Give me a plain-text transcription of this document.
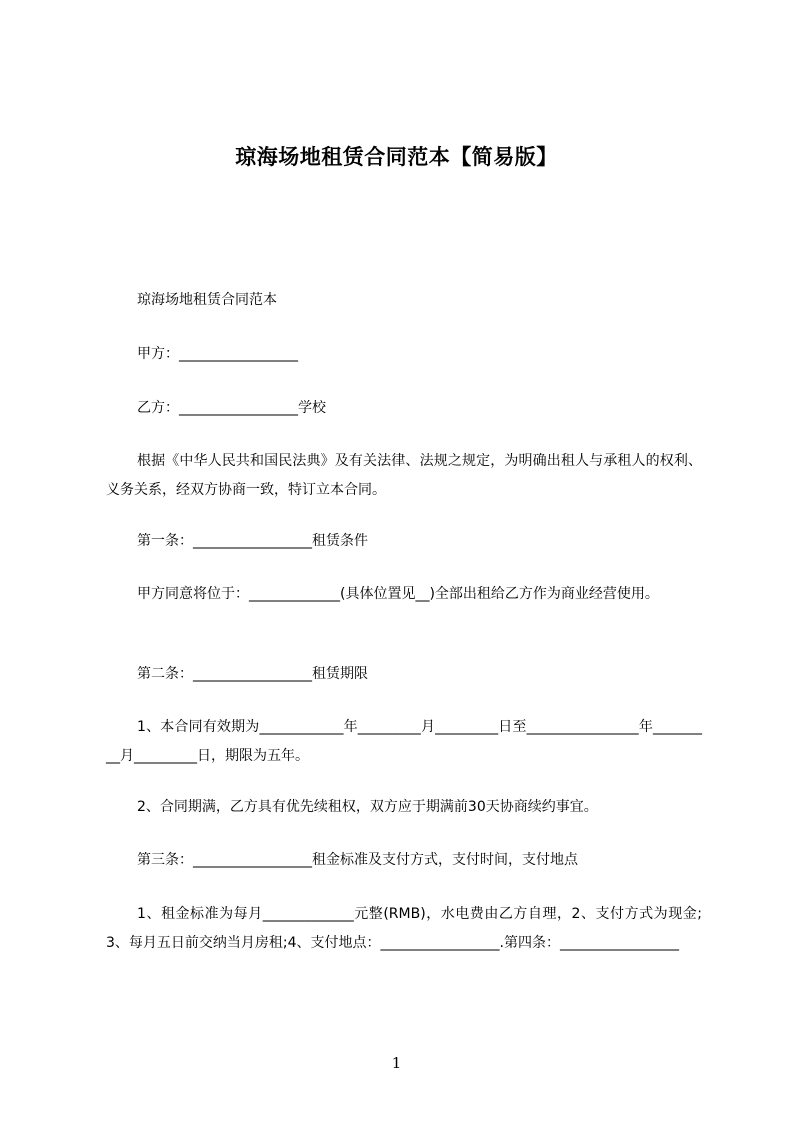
琼海场地租赁合同范本【简易版】
琼海场地租赁合同范本
甲方：_________________
乙方：_________________学校
根据《中华人民共和国民法典》及有关法律、法规之规定，为明确出租人与承租人的权利、义务关系，经双方协商一致，特订立本合同。
第一条：_________________租赁条件
甲方同意将位于：_____________(具体位置见__)全部出租给乙方作为商业经营使用。
第二条：_________________租赁期限
1、本合同有效期为____________年_________月_________日至________________年_________月_________日，期限为五年。
2、合同期满，乙方具有优先续租权，双方应于期满前30天协商续约事宜。
第三条：_________________租金标准及支付方式，支付时间，支付地点
1、租金标准为每月_____________元整(RMB)，水电费由乙方自理，2、支付方式为现金;3、每月五日前交纳当月房租;4、支付地点：_________________.第四条：_________________
1
